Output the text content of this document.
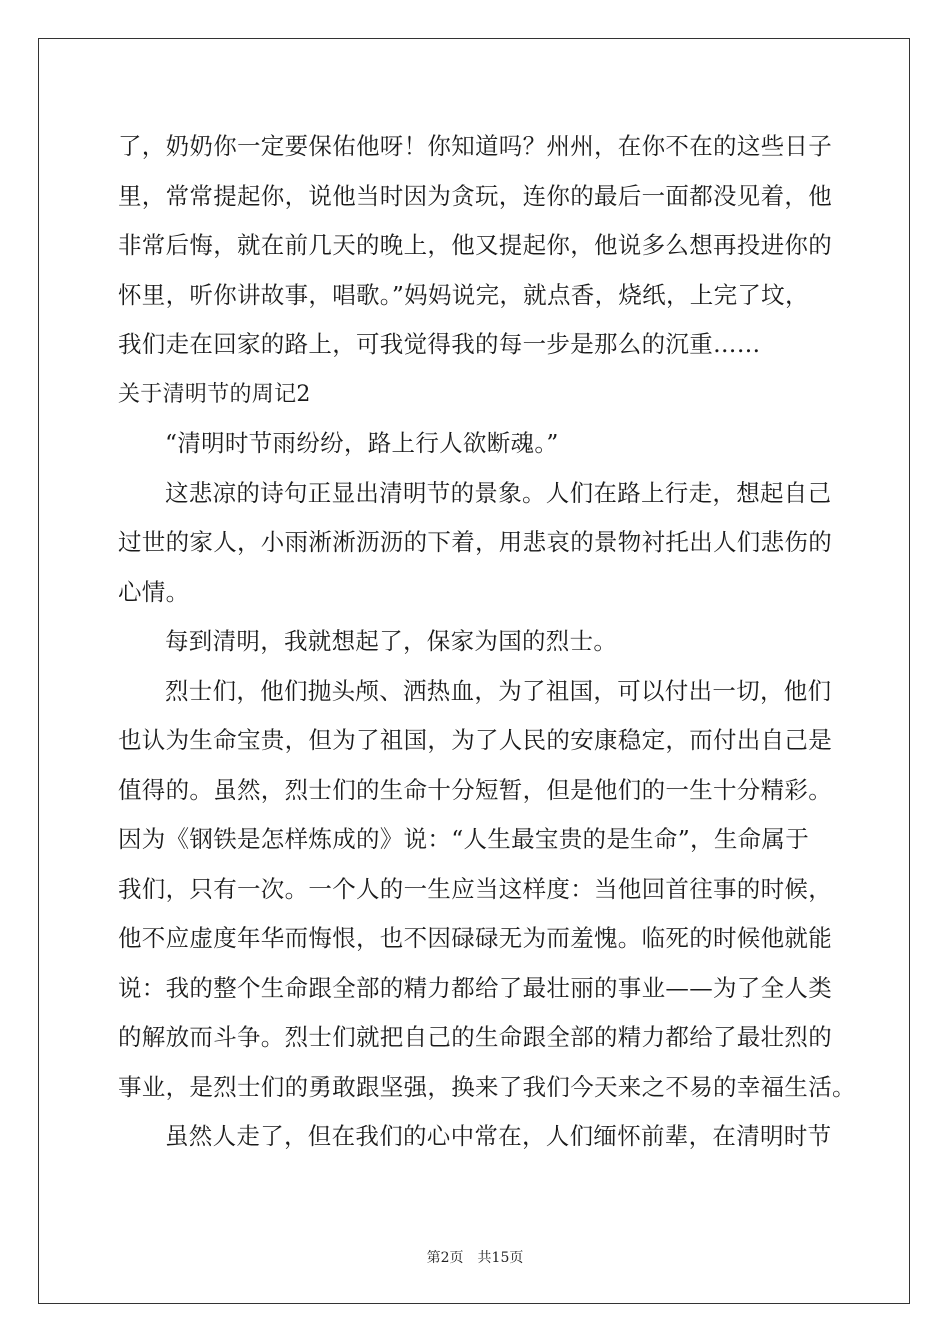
了，奶奶你一定要保佑他呀！你知道吗？州州，在你不在的这些日子
里，常常提起你，说他当时因为贪玩，连你的最后一面都没见着，他
非常后悔，就在前几天的晚上，他又提起你，他说多么想再投进你的
怀里，听你讲故事，唱歌。”妈妈说完，就点香，烧纸，上完了坟，
我们走在回家的路上，可我觉得我的每一步是那么的沉重……
关于清明节的周记2
“清明时节雨纷纷，路上行人欲断魂。”
这悲凉的诗句正显出清明节的景象。人们在路上行走，想起自己
过世的家人，小雨淅淅沥沥的下着，用悲哀的景物衬托出人们悲伤的
心情。
每到清明，我就想起了，保家为国的烈士。
烈士们，他们抛头颅、洒热血，为了祖国，可以付出一切，他们
也认为生命宝贵，但为了祖国，为了人民的安康稳定，而付出自己是
值得的。虽然，烈士们的生命十分短暂，但是他们的一生十分精彩。
因为《钢铁是怎样炼成的》说：“人生最宝贵的是生命”，生命属于
我们，只有一次。一个人的一生应当这样度：当他回首往事的时候，
他不应虚度年华而悔恨，也不因碌碌无为而羞愧。临死的时候他就能
说：我的整个生命跟全部的精力都给了最壮丽的事业——为了全人类
的解放而斗争。烈士们就把自己的生命跟全部的精力都给了最壮烈的
事业，是烈士们的勇敢跟坚强，换来了我们今天来之不易的幸福生活。
虽然人走了，但在我们的心中常在，人们缅怀前辈，在清明时节
第2页 共15页
